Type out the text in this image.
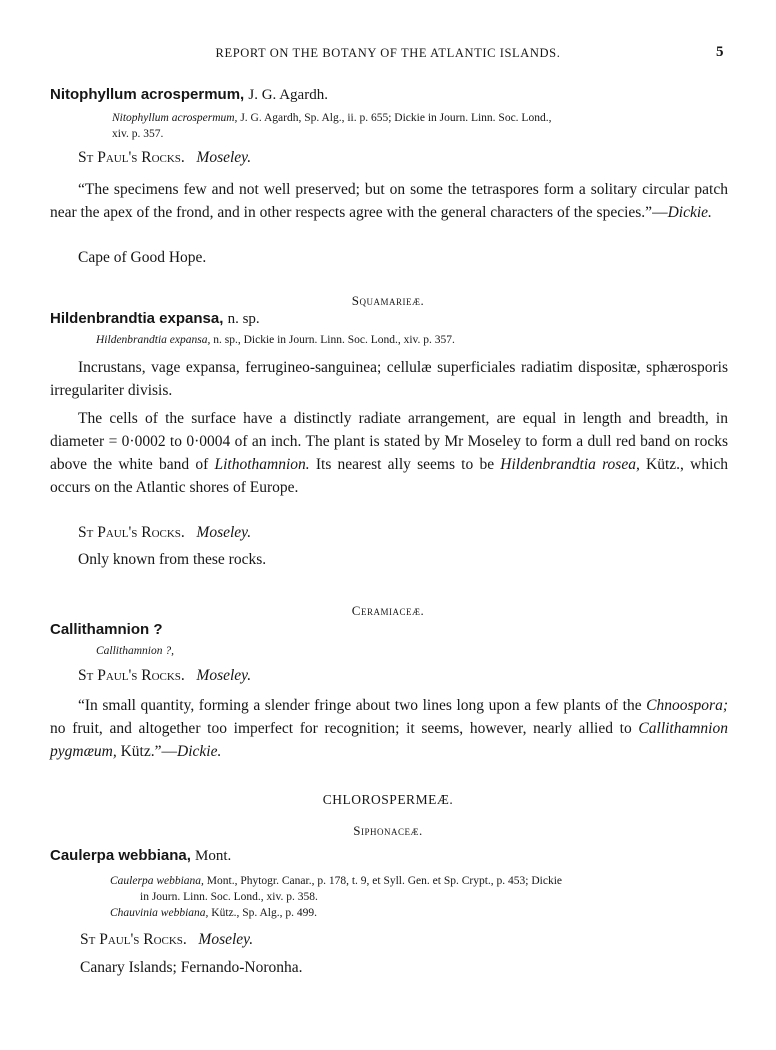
REPORT ON THE BOTANY OF THE ATLANTIC ISLANDS.	5
Nitophyllum acrospermum, J. G. Agardh.
Nitophyllum acrospermum, J. G. Agardh, Sp. Alg., ii. p. 655; Dickie in Journ. Linn. Soc. Lond.,
xiv. p. 357.
St Paul's Rocks. Moseley.
“The specimens few and not well preserved; but on some the tetraspores form a solitary circular patch near the apex of the frond, and in other respects agree with the general characters of the species.”—Dickie.
Cape of Good Hope.
Squamarieæ.
Hildenbrandtia expansa, n. sp.
Hildenbrandtia expansa, n. sp., Dickie in Journ. Linn. Soc. Lond., xiv. p. 357.
Incrustans, vage expansa, ferrugineo-sanguinea; cellulæ superficiales radiatim dispositæ, sphærosporis irregulariter divisis.
The cells of the surface have a distinctly radiate arrangement, are equal in length and breadth, in diameter = 0·0002 to 0·0004 of an inch. The plant is stated by Mr Moseley to form a dull red band on rocks above the white band of Lithothamnion. Its nearest ally seems to be Hildenbrandtia rosea, Kütz., which occurs on the Atlantic shores of Europe.
St Paul's Rocks. Moseley.
Only known from these rocks.
Ceramiaceæ.
Callithamnion ?
Callithamnion ?,
St Paul's Rocks. Moseley.
“In small quantity, forming a slender fringe about two lines long upon a few plants of the Chnoospora; no fruit, and altogether too imperfect for recognition; it seems, however, nearly allied to Callithamnion pygmæum, Kütz.”—Dickie.
CHLOROSPERMEÆ.
Siphonaceæ.
Caulerpa webbiana, Mont.
Caulerpa webbiana, Mont., Phytogr. Canar., p. 178, t. 9, et Syll. Gen. et Sp. Crypt., p. 453; Dickie
in Journ. Linn. Soc. Lond., xiv. p. 358.
Chauvinia webbiana, Kütz., Sp. Alg., p. 499.
St Paul's Rocks. Moseley.
Canary Islands; Fernando-Noronha.
